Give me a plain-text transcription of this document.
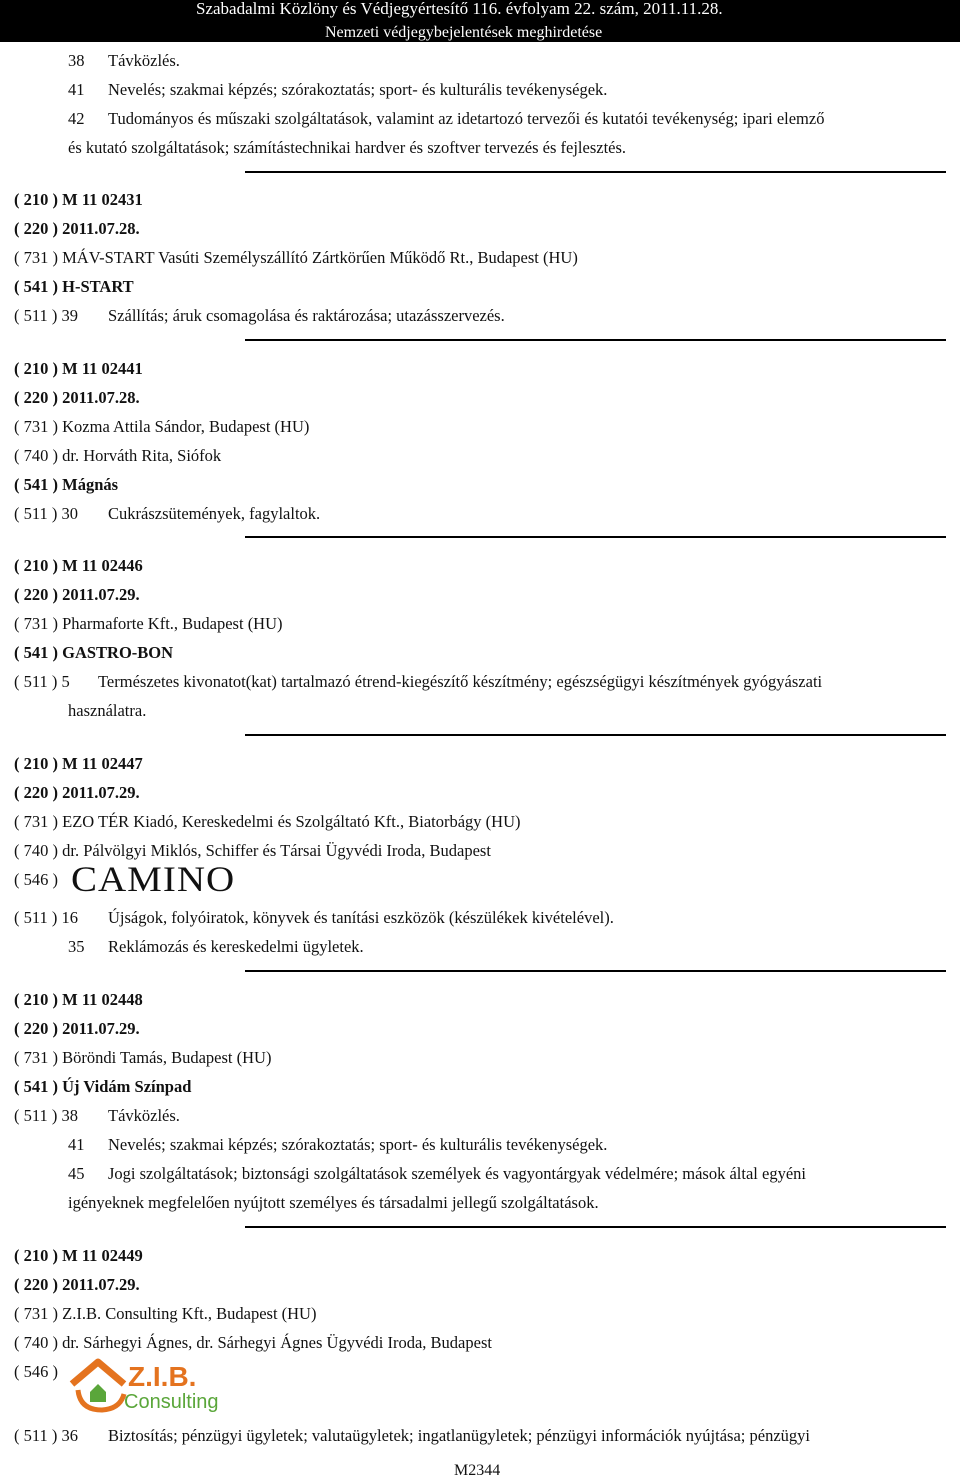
Szabadalmi Közlöny és Védjegyértesítő 116. évfolyam 22. szám, 2011.11.28.
Nemzeti védjegybejelentések meghirdetése
38 Távközlés.
41 Nevelés; szakmai képzés; szórakoztatás; sport- és kulturális tevékenységek.
42 Tudományos és műszaki szolgáltatások, valamint az idetartozó tervezői és kutatói tevékenység; ipari elemző
és kutató szolgáltatások; számítástechnikai hardver és szoftver tervezés és fejlesztés.
( 210 ) M 11 02431
( 220 ) 2011.07.28.
( 731 ) MÁV-START Vasúti Személyszállító Zártkörűen Működő Rt., Budapest (HU)
( 541 ) H-START
( 511 ) 39 Szállítás; áruk csomagolása és raktározása; utazásszervezés.
( 210 ) M 11 02441
( 220 ) 2011.07.28.
( 731 ) Kozma Attila Sándor, Budapest (HU)
( 740 ) dr. Horváth Rita, Siófok
( 541 ) Mágnás
( 511 ) 30 Cukrászsütemények, fagylaltok.
( 210 ) M 11 02446
( 220 ) 2011.07.29.
( 731 ) Pharmaforte Kft., Budapest (HU)
( 541 ) GASTRO-BON
( 511 ) 5 Természetes kivonatot(kat) tartalmazó étrend-kiegészítő készítmény; egészségügyi készítmények gyógyászati
használatra.
( 210 ) M 11 02447
( 220 ) 2011.07.29.
( 731 ) EZO TÉR Kiadó, Kereskedelmi és Szolgáltató Kft., Biatorbágy (HU)
( 740 ) dr. Pálvölgyi Miklós, Schiffer és Társai Ügyvédi Iroda, Budapest
( 546 ) CAMINO
( 511 ) 16 Újságok, folyóiratok, könyvek és tanítási eszközök (készülékek kivételével).
35 Reklámozás és kereskedelmi ügyletek.
( 210 ) M 11 02448
( 220 ) 2011.07.29.
( 731 ) Böröndi Tamás, Budapest (HU)
( 541 ) Új Vidám Színpad
( 511 ) 38 Távközlés.
41 Nevelés; szakmai képzés; szórakoztatás; sport- és kulturális tevékenységek.
45 Jogi szolgáltatások; biztonsági szolgáltatások személyek és vagyontárgyak védelmére; mások által egyéni
igényeknek megfelelően nyújtott személyes és társadalmi jellegű szolgáltatások.
( 210 ) M 11 02449
( 220 ) 2011.07.29.
( 731 ) Z.I.B. Consulting Kft., Budapest (HU)
( 740 ) dr. Sárhegyi Ágnes, dr. Sárhegyi Ágnes Ügyvédi Iroda, Budapest
( 546 )	Z.I.B.
Consulting
( 511 ) 36 Biztosítás; pénzügyi ügyletek; valutaügyletek; ingatlanügyletek; pénzügyi információk nyújtása; pénzügyi
M2344
